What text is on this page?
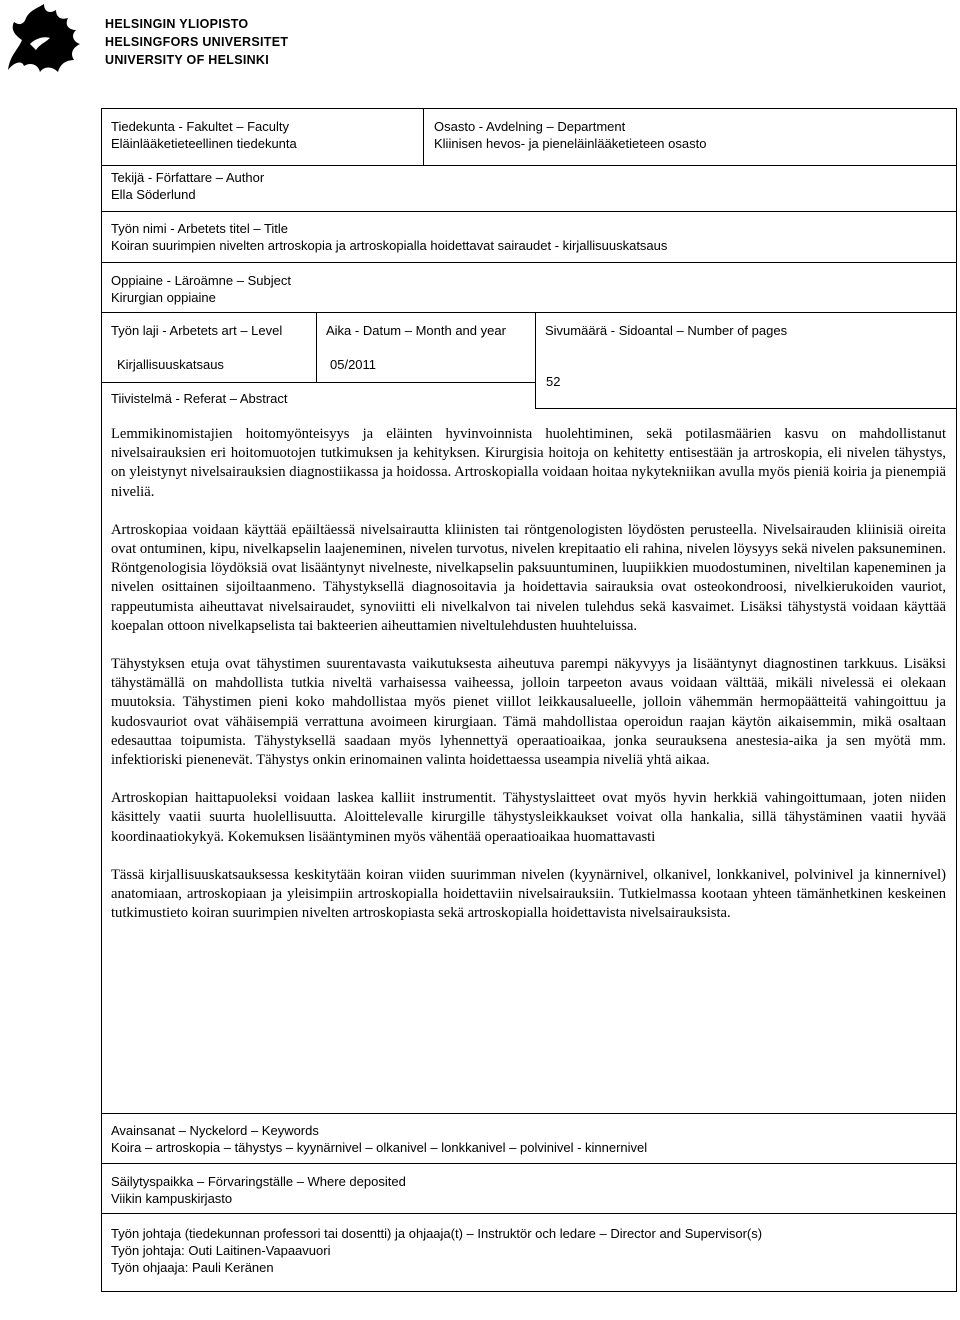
HELSINGIN YLIOPISTO
HELSINGFORS UNIVERSITET
UNIVERSITY OF HELSINKI
Tiedekunta - Fakultet – Faculty
Eläinlääketieteellinen tiedekunta
Osasto - Avdelning – Department
Kliinisen hevos- ja pieneläinlääketieteen osasto
Tekijä - Författare – Author
Ella Söderlund
Työn nimi - Arbetets titel – Title
Koiran suurimpien nivelten artroskopia ja artroskopialla hoidettavat sairaudet - kirjallisuuskatsaus
Oppiaine - Läroämne – Subject
Kirurgian oppiaine
Työn laji - Arbetets art – Level
Kirjallisuuskatsaus
Aika - Datum – Month and year
05/2011
Sivumäärä - Sidoantal – Number of pages
52
Tiivistelmä - Referat – Abstract

Lemmikinomistajien hoitomyönteisyys ja eläinten hyvinvoinnista huolehtiminen, sekä potilasmäärien kasvu on mahdollistanut nivelsairauksien eri hoitomuotojen tutkimuksen ja kehityksen. Kirurgisia hoitoja on kehitetty entisestään ja artroskopia, eli nivelen tähystys, on yleistynyt nivelsairauksien diagnostiikassa ja hoidossa. Artroskopialla voidaan hoitaa nykytekniikan avulla myös pieniä koiria ja pienempiä niveliä.

Artroskopiaa voidaan käyttää epäiltäessä nivelsairautta kliinisten tai röntgenologisten löydösten perusteella. Nivelsairauden kliinisiä oireita ovat ontuminen, kipu, nivelkapselin laajeneminen, nivelen turvotus, nivelen krepitaatio eli rahina, nivelen löysyys sekä nivelen paksuneminen. Röntgenologisia löydöksiä ovat lisääntynyt nivelneste, nivelkapselin paksuuntuminen, luupiikkien muodostuminen, niveltilan kapeneminen ja nivelen osittainen sijoiltaanmeno. Tähystyksellä diagnosoitavia ja hoidettavia sairauksia ovat osteokondroosi, nivelkierukoiden vauriot, rappeutumista aiheuttavat nivelsairaudet, synoviitti eli nivelkalvon tai nivelen tulehdus sekä kasvaimet. Lisäksi tähystystä voidaan käyttää koepalan ottoon nivelkapselista tai bakteerien aiheuttamien niveltulehdusten huuhteluissa.

Tähystyksen etuja ovat tähystimen suurentavasta vaikutuksesta aiheutuva parempi näkyvyys ja lisääntynyt diagnostinen tarkkuus. Lisäksi tähystämällä on mahdollista tutkia niveltä varhaisessa vaiheessa, jolloin tarpeeton avaus voidaan välttää, mikäli nivelessä ei olekaan muutoksia. Tähystimen pieni koko mahdollistaa myös pienet viillot leikkausalueelle, jolloin vähemmän hermopäätteitä vahingoittuu ja kudosvauriot ovat vähäisempiä verrattuna avoimeen kirurgiaan. Tämä mahdollistaa operoidun raajan käytön aikaisemmin, mikä osaltaan edesauttaa toipumista. Tähystyksellä saadaan myös lyhennettyä operaatioaikaa, jonka seurauksena anestesia-aika ja sen myötä mm. infektioriski pienenevät. Tähystys onkin erinomainen valinta hoidettaessa useampia niveliä yhtä aikaa.

Artroskopian haittapuoleksi voidaan laskea kalliit instrumentit. Tähystyslaitteet ovat myös hyvin herkkiä vahingoittumaan, joten niiden käsittely vaatii suurta huolellisuutta. Aloittelevalle kirurgille tähystysleikkaukset voivat olla hankalia, sillä tähystäminen vaatii hyvää koordinaatiokykyä. Kokemuksen lisääntyminen myös vähentää operaatioaikaa huomattavasti

Tässä kirjallisuuskatsauksessa keskitytään koiran viiden suurimman nivelen (kyynärnivel, olkanivel, lonkkanivel, polvinivel ja kinnernivel) anatomiaan, artroskopiaan ja yleisimpiin artroskopialla hoidettaviin nivelsairauksiin. Tutkielmassa kootaan yhteen tämänhetkinen keskeinen tutkimustieto koiran suurimpien nivelten artroskopiasta sekä artroskopialla hoidettavista nivelsairauksista.

Avainsanat – Nyckelord – Keywords
Koira – artroskopia – tähystys – kyynärnivel – olkanivel – lonkkanivel – polvinivel - kinnernivel
Säilytyspaikka – Förvaringställe – Where deposited
Viikin kampuskirjasto
Työn johtaja (tiedekunnan professori tai dosentti) ja ohjaaja(t) – Instruktör och ledare – Director and Supervisor(s)
Työn johtaja: Outi Laitinen-Vapaavuori
Työn ohjaaja: Pauli Keränen
